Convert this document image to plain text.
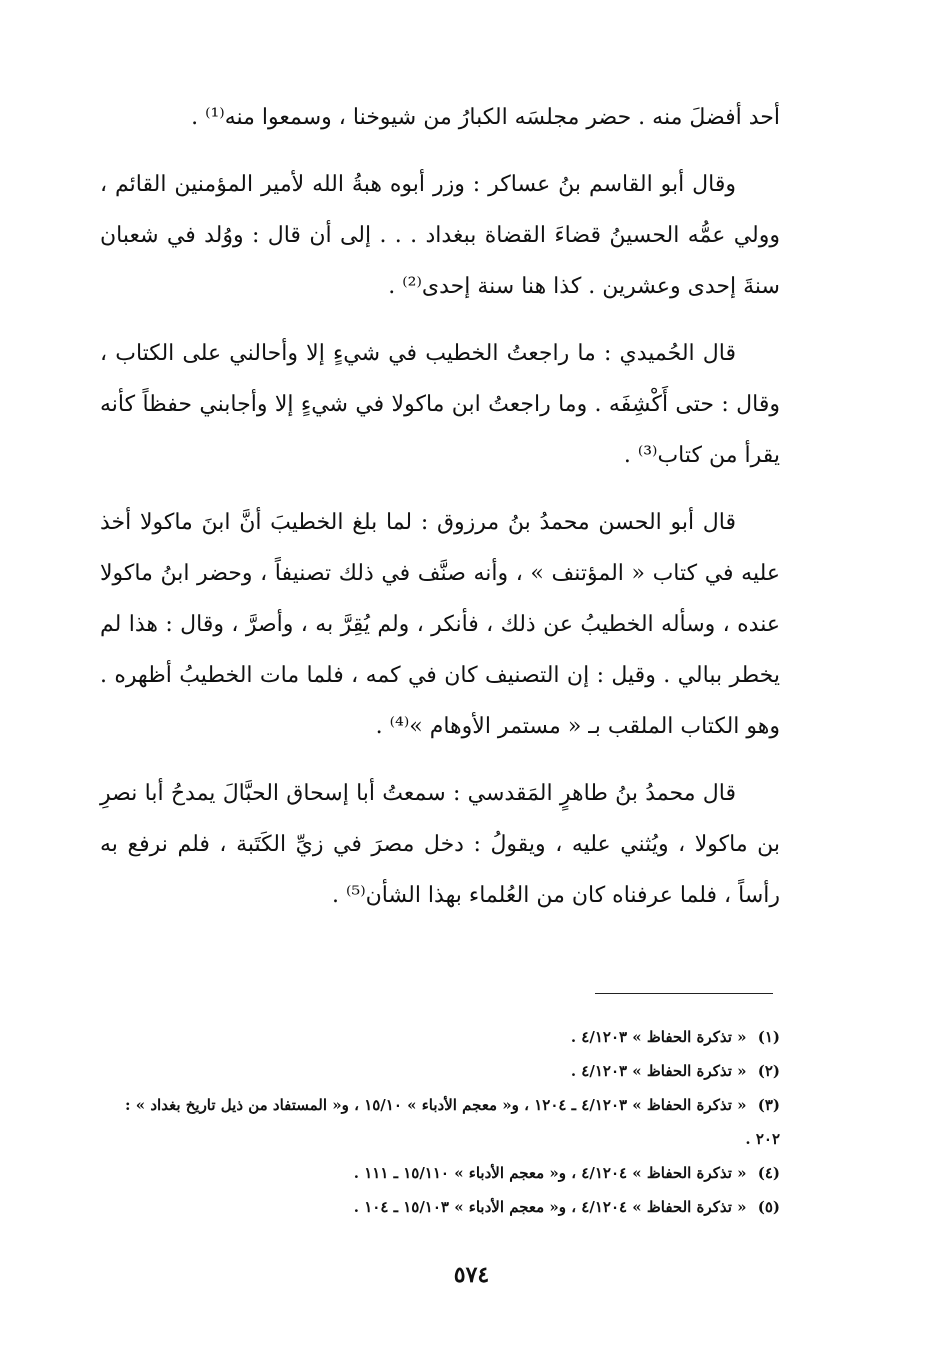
أحد أفضلَ منه . حضر مجلسَه الكبارُ من شيوخنا ، وسمعوا منه⁽¹⁾ .

وقال أبو القاسم بنُ عساكر : وزر أبوه هبةُ الله لأمير المؤمنين القائم ، وولي عمُّه الحسينُ قضاءَ القضاة ببغداد . . . إلى أن قال : ووُلد في شعبان سنةَ إحدى وعشرين . كذا هنا سنة إحدى⁽²⁾ .

قال الحُميدي : ما راجعتُ الخطيب في شيءٍ إلا وأحالني على الكتاب ، وقال : حتى أَكْشِفَه . وما راجعتُ ابن ماكولا في شيءٍ إلا وأجابني حفظاً كأنه يقرأ من كتاب⁽³⁾ .

قال أبو الحسن محمدُ بنُ مرزوق : لما بلغ الخطيبَ أنَّ ابنَ ماكولا أخذ عليه في كتاب « المؤتنف » ، وأنه صنَّف في ذلك تصنيفاً ، وحضر ابنُ ماكولا عنده ، وسأله الخطيبُ عن ذلك ، فأنكر ، ولم يُقِرَّ به ، وأصرَّ ، وقال : هذا لم يخطر ببالي . وقيل : إن التصنيف كان في كمه ، فلما مات الخطيبُ أظهره . وهو الكتاب الملقب بـ « مستمر الأوهام »⁽⁴⁾ .

قال محمدُ بنُ طاهرٍ المَقدسي : سمعتُ أبا إسحاق الحبَّالَ يمدحُ أبا نصرِ بن ماكولا ، ويُثني عليه ، ويقولُ : دخل مصرَ في زيِّ الكَتَبة ، فلم نرفع به رأساً ، فلما عرفناه كان من العُلماء بهذا الشأن⁽⁵⁾ .

(١) « تذكرة الحفاظ » ٤/١٢٠٣ .

(٢) « تذكرة الحفاظ » ٤/١٢٠٣ .

(٣) « تذكرة الحفاظ » ٤/١٢٠٣ ـ ١٢٠٤ ، و« معجم الأدباء » ١٥/١٠ ، و« المستفاد من ذيل تاريخ بغداد » : ٢٠٢ .

(٤) « تذكرة الحفاظ » ٤/١٢٠٤ ، و« معجم الأدباء » ١٥/١١٠ ـ ١١١ .

(٥) « تذكرة الحفاظ » ٤/١٢٠٤ ، و« معجم الأدباء » ١٥/١٠٣ ـ ١٠٤ .

٥٧٤
